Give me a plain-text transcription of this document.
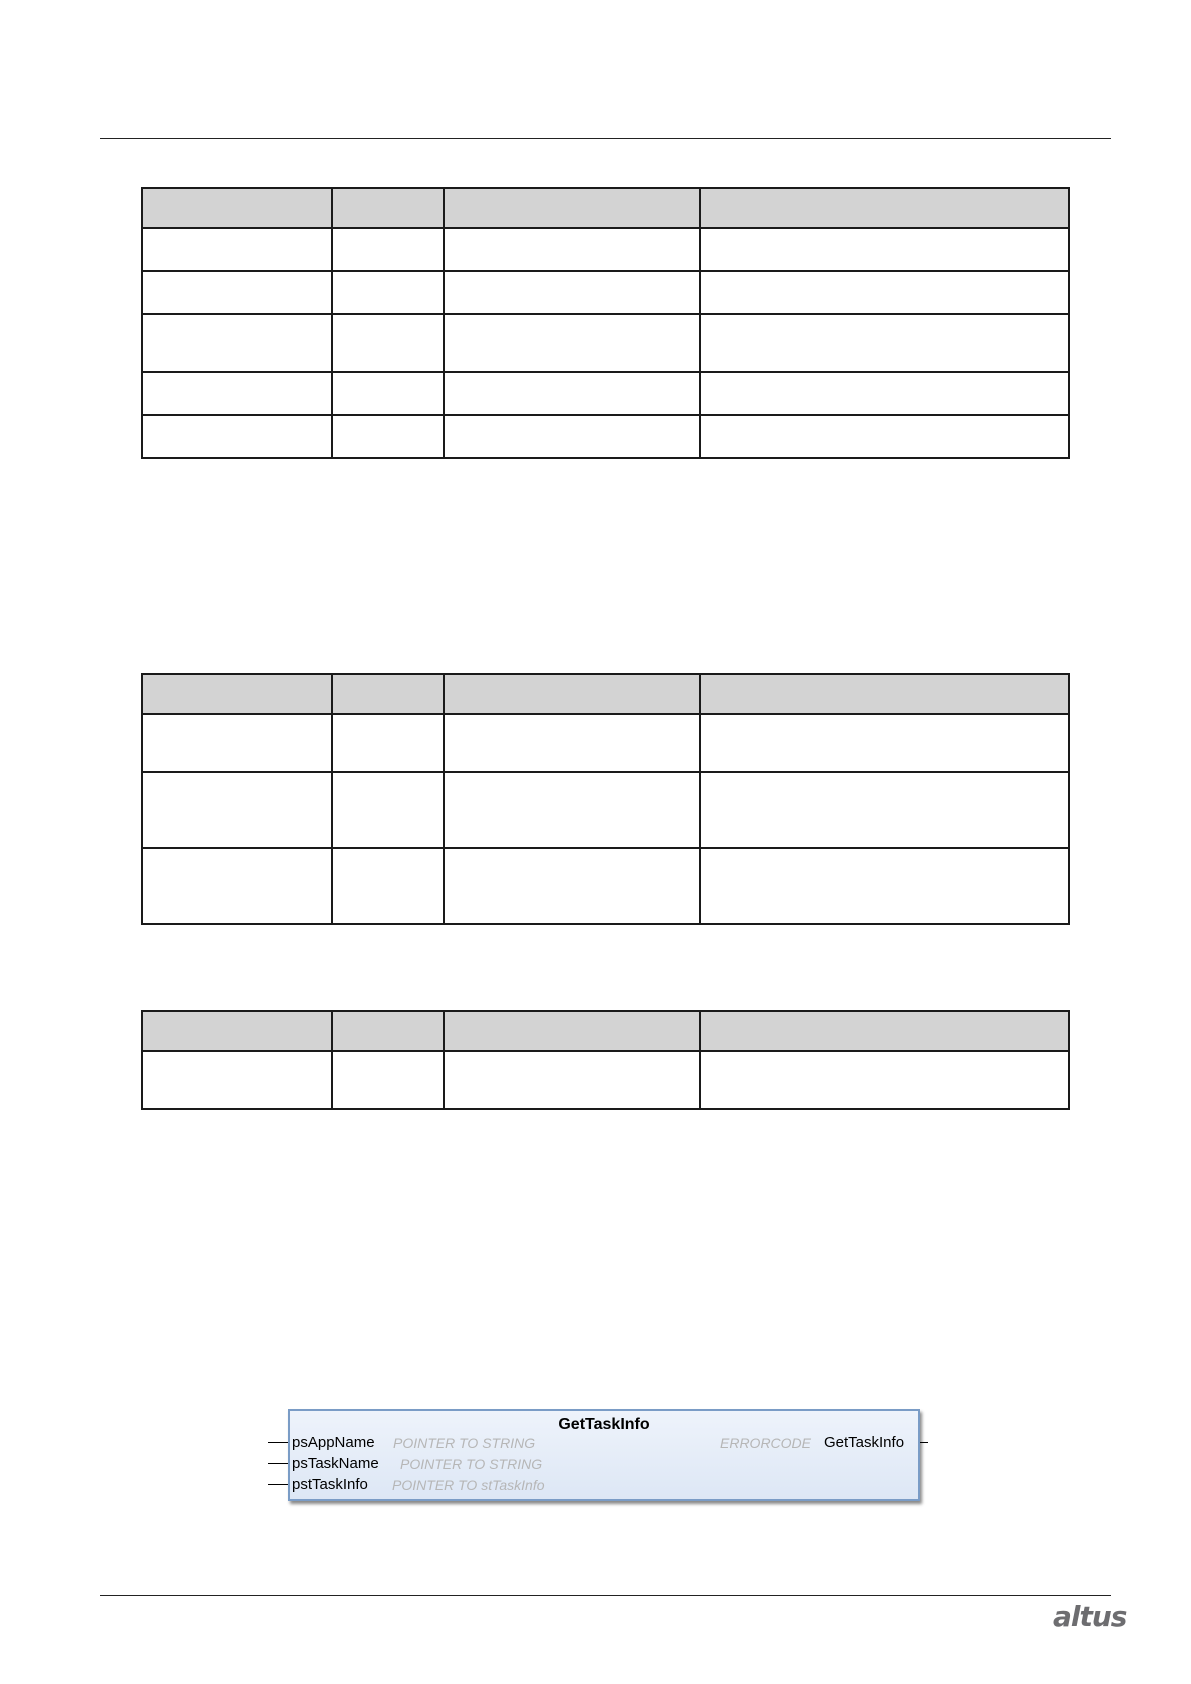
GetTaskInfo
psAppName POINTER TO STRING
psTaskName POINTER TO STRING
pstTaskInfo POINTER TO stTaskInfo
ERRORCODE GetTaskInfo
altus
